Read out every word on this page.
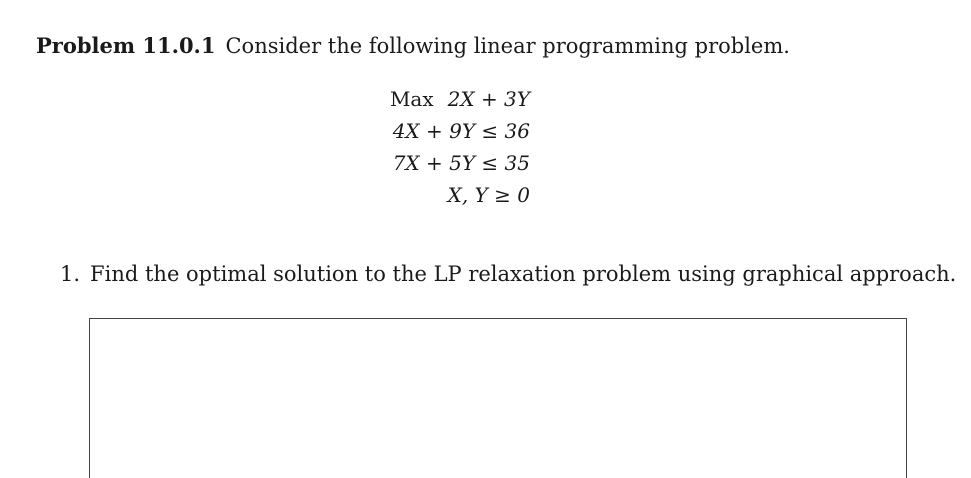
Problem 11.0.1 Consider the following linear programming problem.
Max 2X + 3Y
4X + 9Y ≤ 36
7X + 5Y ≤ 35
X, Y ≥ 0
1. Find the optimal solution to the LP relaxation problem using graphical approach.
